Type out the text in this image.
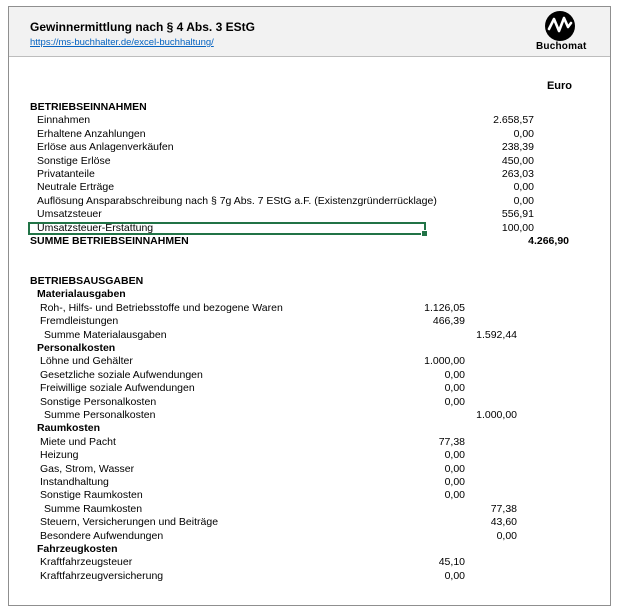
Gewinnermittlung nach § 4 Abs. 3 EStG
https://ms-buchhalter.de/excel-buchhaltung/	Buchomat
Euro
BETRIEBSEINNAHMEN
Einnahmen	2.658,57
Erhaltene Anzahlungen	0,00
Erlöse aus Anlagenverkäufen	238,39
Sonstige Erlöse	450,00
Privatanteile	263,03
Neutrale Erträge	0,00
Auflösung Ansparabschreibung nach § 7g Abs. 7 EStG a.F. (Existenzgründerrücklage)	0,00
Umsatzsteuer	556,91
Umsatzsteuer-Erstattung	100,00
SUMME BETRIEBSEINNAHMEN	4.266,90
BETRIEBSAUSGABEN
Materialausgaben
Roh-, Hilfs- und Betriebsstoffe und bezogene Waren	1.126,05
Fremdleistungen	466,39
Summe Materialausgaben	1.592,44
Personalkosten
Löhne und Gehälter	1.000,00
Gesetzliche soziale Aufwendungen	0,00
Freiwillige soziale Aufwendungen	0,00
Sonstige Personalkosten	0,00
Summe Personalkosten	1.000,00
Raumkosten
Miete und Pacht	77,38
Heizung	0,00
Gas, Strom, Wasser	0,00
Instandhaltung	0,00
Sonstige Raumkosten	0,00
Summe Raumkosten	77,38
Steuern, Versicherungen und Beiträge	43,60
Besondere Aufwendungen	0,00
Fahrzeugkosten
Kraftfahrzeugsteuer	45,10
Kraftfahrzeugversicherung	0,00
